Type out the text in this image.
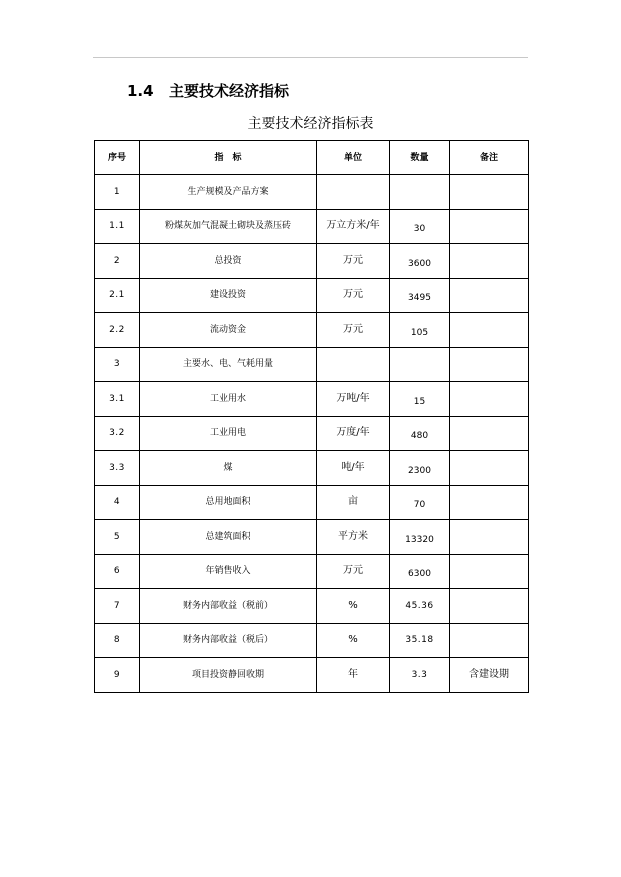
1.4 主要技术经济指标
主要技术经济指标表
序号	指　标	单位	数量	备注
1	生产规模及产品方案			
1.1	粉煤灰加气混凝土砌块及蒸压砖	万立方米/年	30	
2	总投资	万元	3600	
2.1	建设投资	万元	3495	
2.2	流动资金	万元	105	
3	主要水、电、气耗用量			
3.1	工业用水	万吨/年	15	
3.2	工业用电	万度/年	480	
3.3	煤	吨/年	2300	
4	总用地面积	亩	70	
5	总建筑面积	平方米	13320	
6	年销售收入	万元	6300	
7	财务内部收益（税前）	%	45.36	
8	财务内部收益（税后）	%	35.18	
9	项目投资静回收期	年	3.3	含建设期
